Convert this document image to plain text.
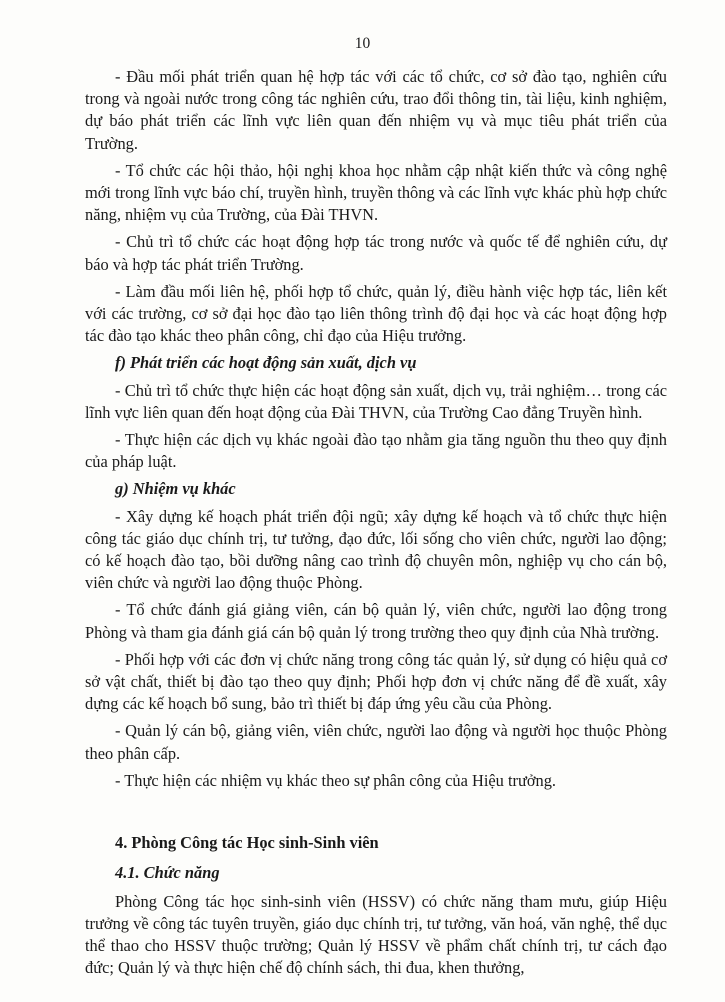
10

- Đầu mối phát triển quan hệ hợp tác với các tổ chức, cơ sở đào tạo, nghiên cứu trong và ngoài nước trong công tác nghiên cứu, trao đổi thông tin, tài liệu, kinh nghiệm, dự báo phát triển các lĩnh vực liên quan đến nhiệm vụ và mục tiêu phát triển của Trường.

- Tổ chức các hội thảo, hội nghị khoa học nhằm cập nhật kiến thức và công nghệ mới trong lĩnh vực báo chí, truyền hình, truyền thông và các lĩnh vực khác phù hợp chức năng, nhiệm vụ của Trường, của Đài THVN.

- Chủ trì tổ chức các hoạt động hợp tác trong nước và quốc tế để nghiên cứu, dự báo và hợp tác phát triển Trường.

- Làm đầu mối liên hệ, phối hợp tổ chức, quản lý, điều hành việc hợp tác, liên kết với các trường, cơ sở đại học đào tạo liên thông trình độ đại học và các hoạt động hợp tác đào tạo khác theo phân công, chỉ đạo của Hiệu trưởng.

f) Phát triển các hoạt động sản xuất, dịch vụ

- Chủ trì tổ chức thực hiện các hoạt động sản xuất, dịch vụ, trải nghiệm… trong các lĩnh vực liên quan đến hoạt động của Đài THVN, của Trường Cao đẳng Truyền hình.

- Thực hiện các dịch vụ khác ngoài đào tạo nhằm gia tăng nguồn thu theo quy định của pháp luật.

g) Nhiệm vụ khác

- Xây dựng kế hoạch phát triển đội ngũ; xây dựng kế hoạch và tổ chức thực hiện công tác giáo dục chính trị, tư tưởng, đạo đức, lối sống cho viên chức, người lao động; có kế hoạch đào tạo, bồi dưỡng nâng cao trình độ chuyên môn, nghiệp vụ cho cán bộ, viên chức và người lao động thuộc Phòng.

- Tổ chức đánh giá giảng viên, cán bộ quản lý, viên chức, người lao động trong Phòng và tham gia đánh giá cán bộ quản lý trong trường theo quy định của Nhà trường.

- Phối hợp với các đơn vị chức năng trong công tác quản lý, sử dụng có hiệu quả cơ sở vật chất, thiết bị đào tạo theo quy định; Phối hợp đơn vị chức năng để đề xuất, xây dựng các kế hoạch bổ sung, bảo trì thiết bị đáp ứng yêu cầu của Phòng.

- Quản lý cán bộ, giảng viên, viên chức, người lao động và người học thuộc Phòng theo phân cấp.

- Thực hiện các nhiệm vụ khác theo sự phân công của Hiệu trưởng.

4. Phòng Công tác Học sinh-Sinh viên

4.1. Chức năng

Phòng Công tác học sinh-sinh viên (HSSV) có chức năng tham mưu, giúp Hiệu trưởng về công tác tuyên truyền, giáo dục chính trị, tư tưởng, văn hoá, văn nghệ, thể dục thể thao cho HSSV thuộc trường; Quản lý HSSV về phẩm chất chính trị, tư cách đạo đức; Quản lý và thực hiện chế độ chính sách, thi đua, khen thưởng,
